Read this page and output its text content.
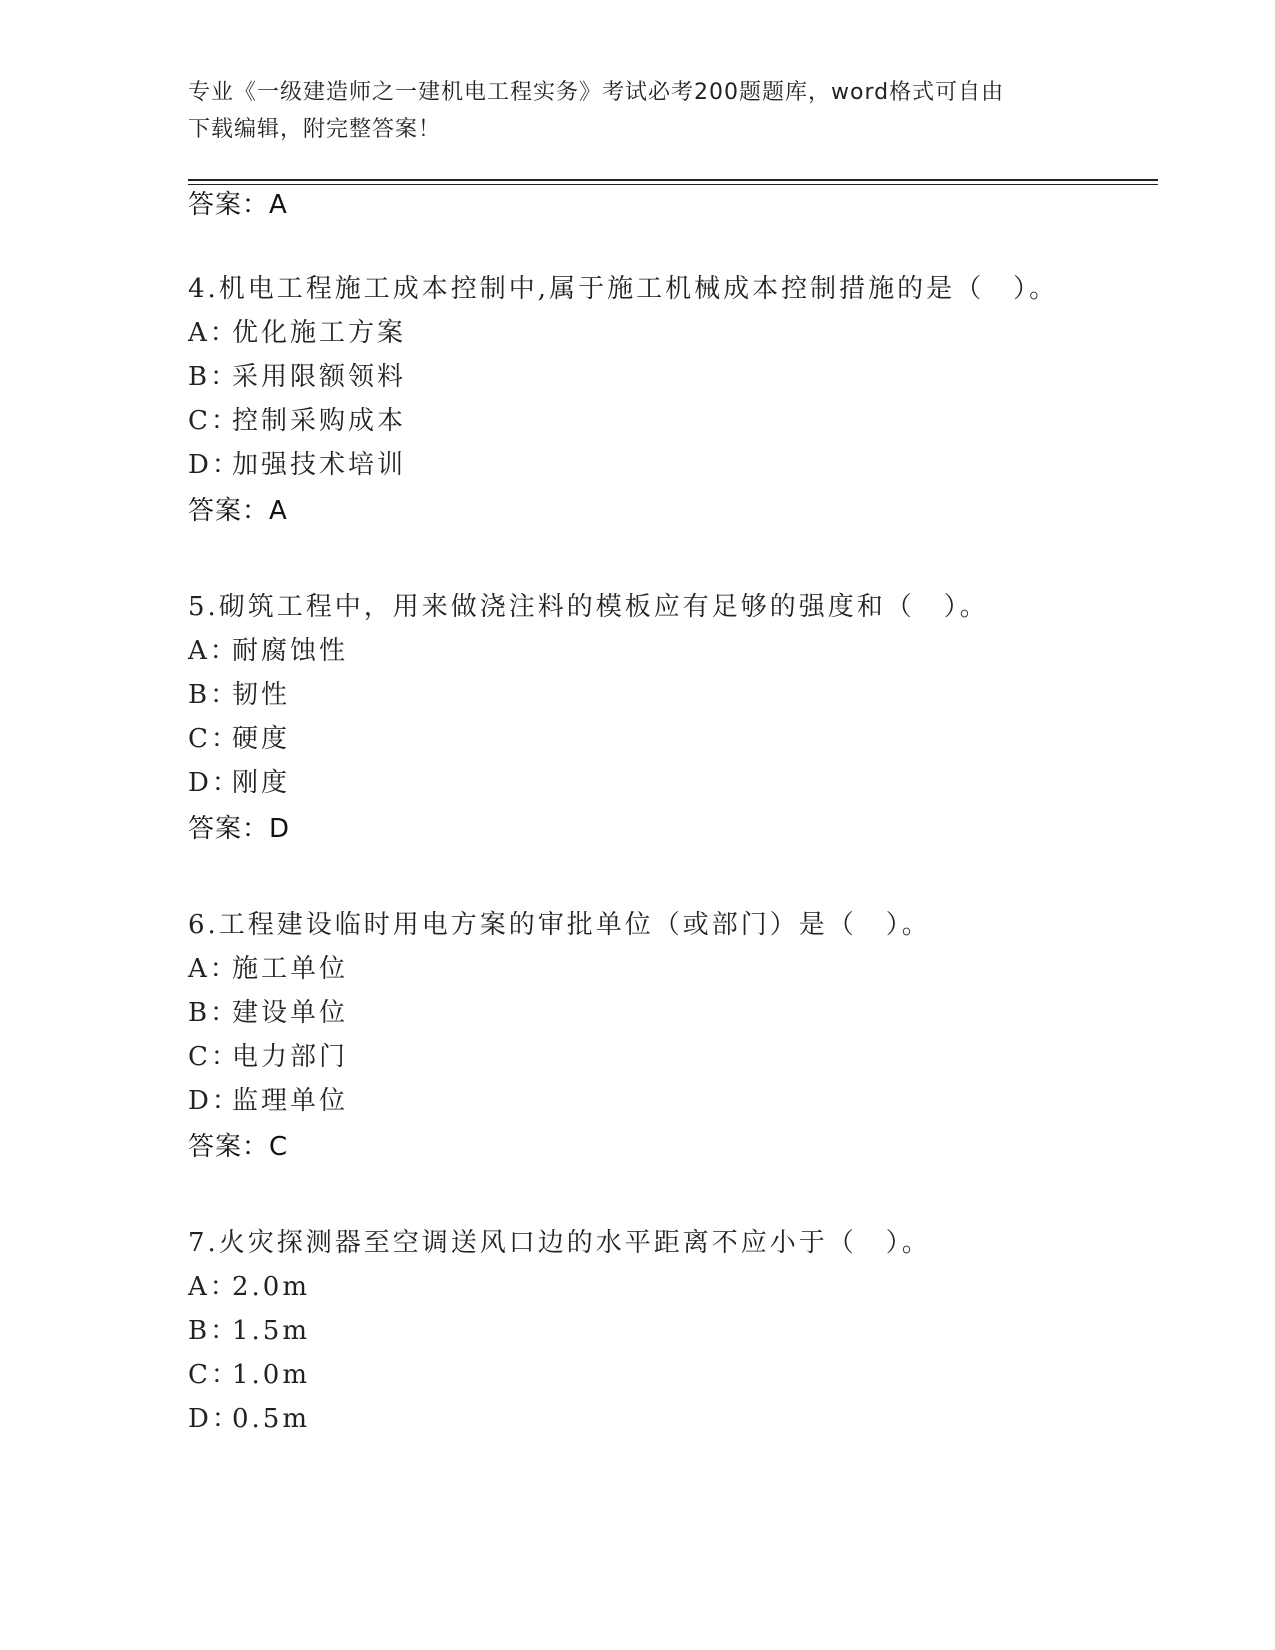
专业《一级建造师之一建机电工程实务》考试必考200题题库，word格式可自由
下载编辑，附完整答案！
答案：A
4.机电工程施工成本控制中,属于施工机械成本控制措施的是（　）。
A：优化施工方案
B：采用限额领料
C：控制采购成本
D：加强技术培训
答案：A
5.砌筑工程中，用来做浇注料的模板应有足够的强度和（　）。
A：耐腐蚀性
B：韧性
C：硬度
D：刚度
答案：D
6.工程建设临时用电方案的审批单位（或部门）是（　）。
A：施工单位
B：建设单位
C：电力部门
D：监理单位
答案：C
7.火灾探测器至空调送风口边的水平距离不应小于（　）。
A：2.0m
B：1.5m
C：1.0m
D：0.5m
